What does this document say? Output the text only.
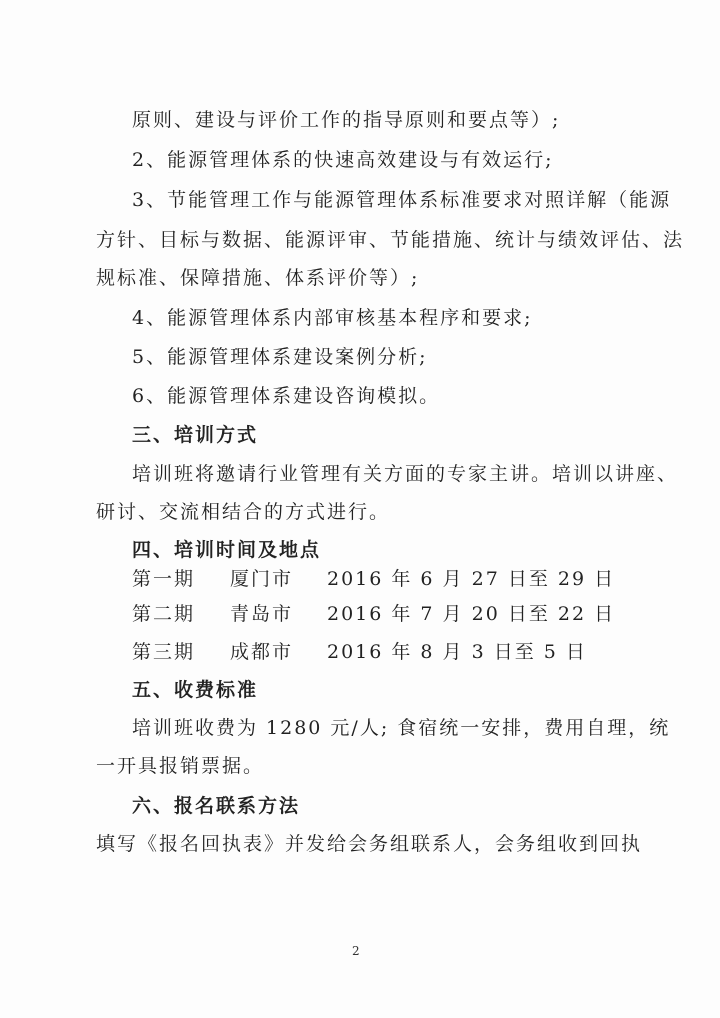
原则、建设与评价工作的指导原则和要点等）;
2、能源管理体系的快速高效建设与有效运行;
3、节能管理工作与能源管理体系标准要求对照详解（能源
方针、目标与数据、能源评审、节能措施、统计与绩效评估、法
规标准、保障措施、体系评价等）;
4、能源管理体系内部审核基本程序和要求;
5、能源管理体系建设案例分析;
6、能源管理体系建设咨询模拟。
三、培训方式
培训班将邀请行业管理有关方面的专家主讲。培训以讲座、
研讨、交流相结合的方式进行。
四、培训时间及地点
第一期 厦门市 2016 年 6 月 27 日至 29 日
第二期 青岛市 2016 年 7 月 20 日至 22 日
第三期 成都市 2016 年 8 月 3 日至 5 日
五、收费标准
培训班收费为 1280 元/人; 食宿统一安排，费用自理，统
一开具报销票据。
六、报名联系方法
填写《报名回执表》并发给会务组联系人，会务组收到回执
2
